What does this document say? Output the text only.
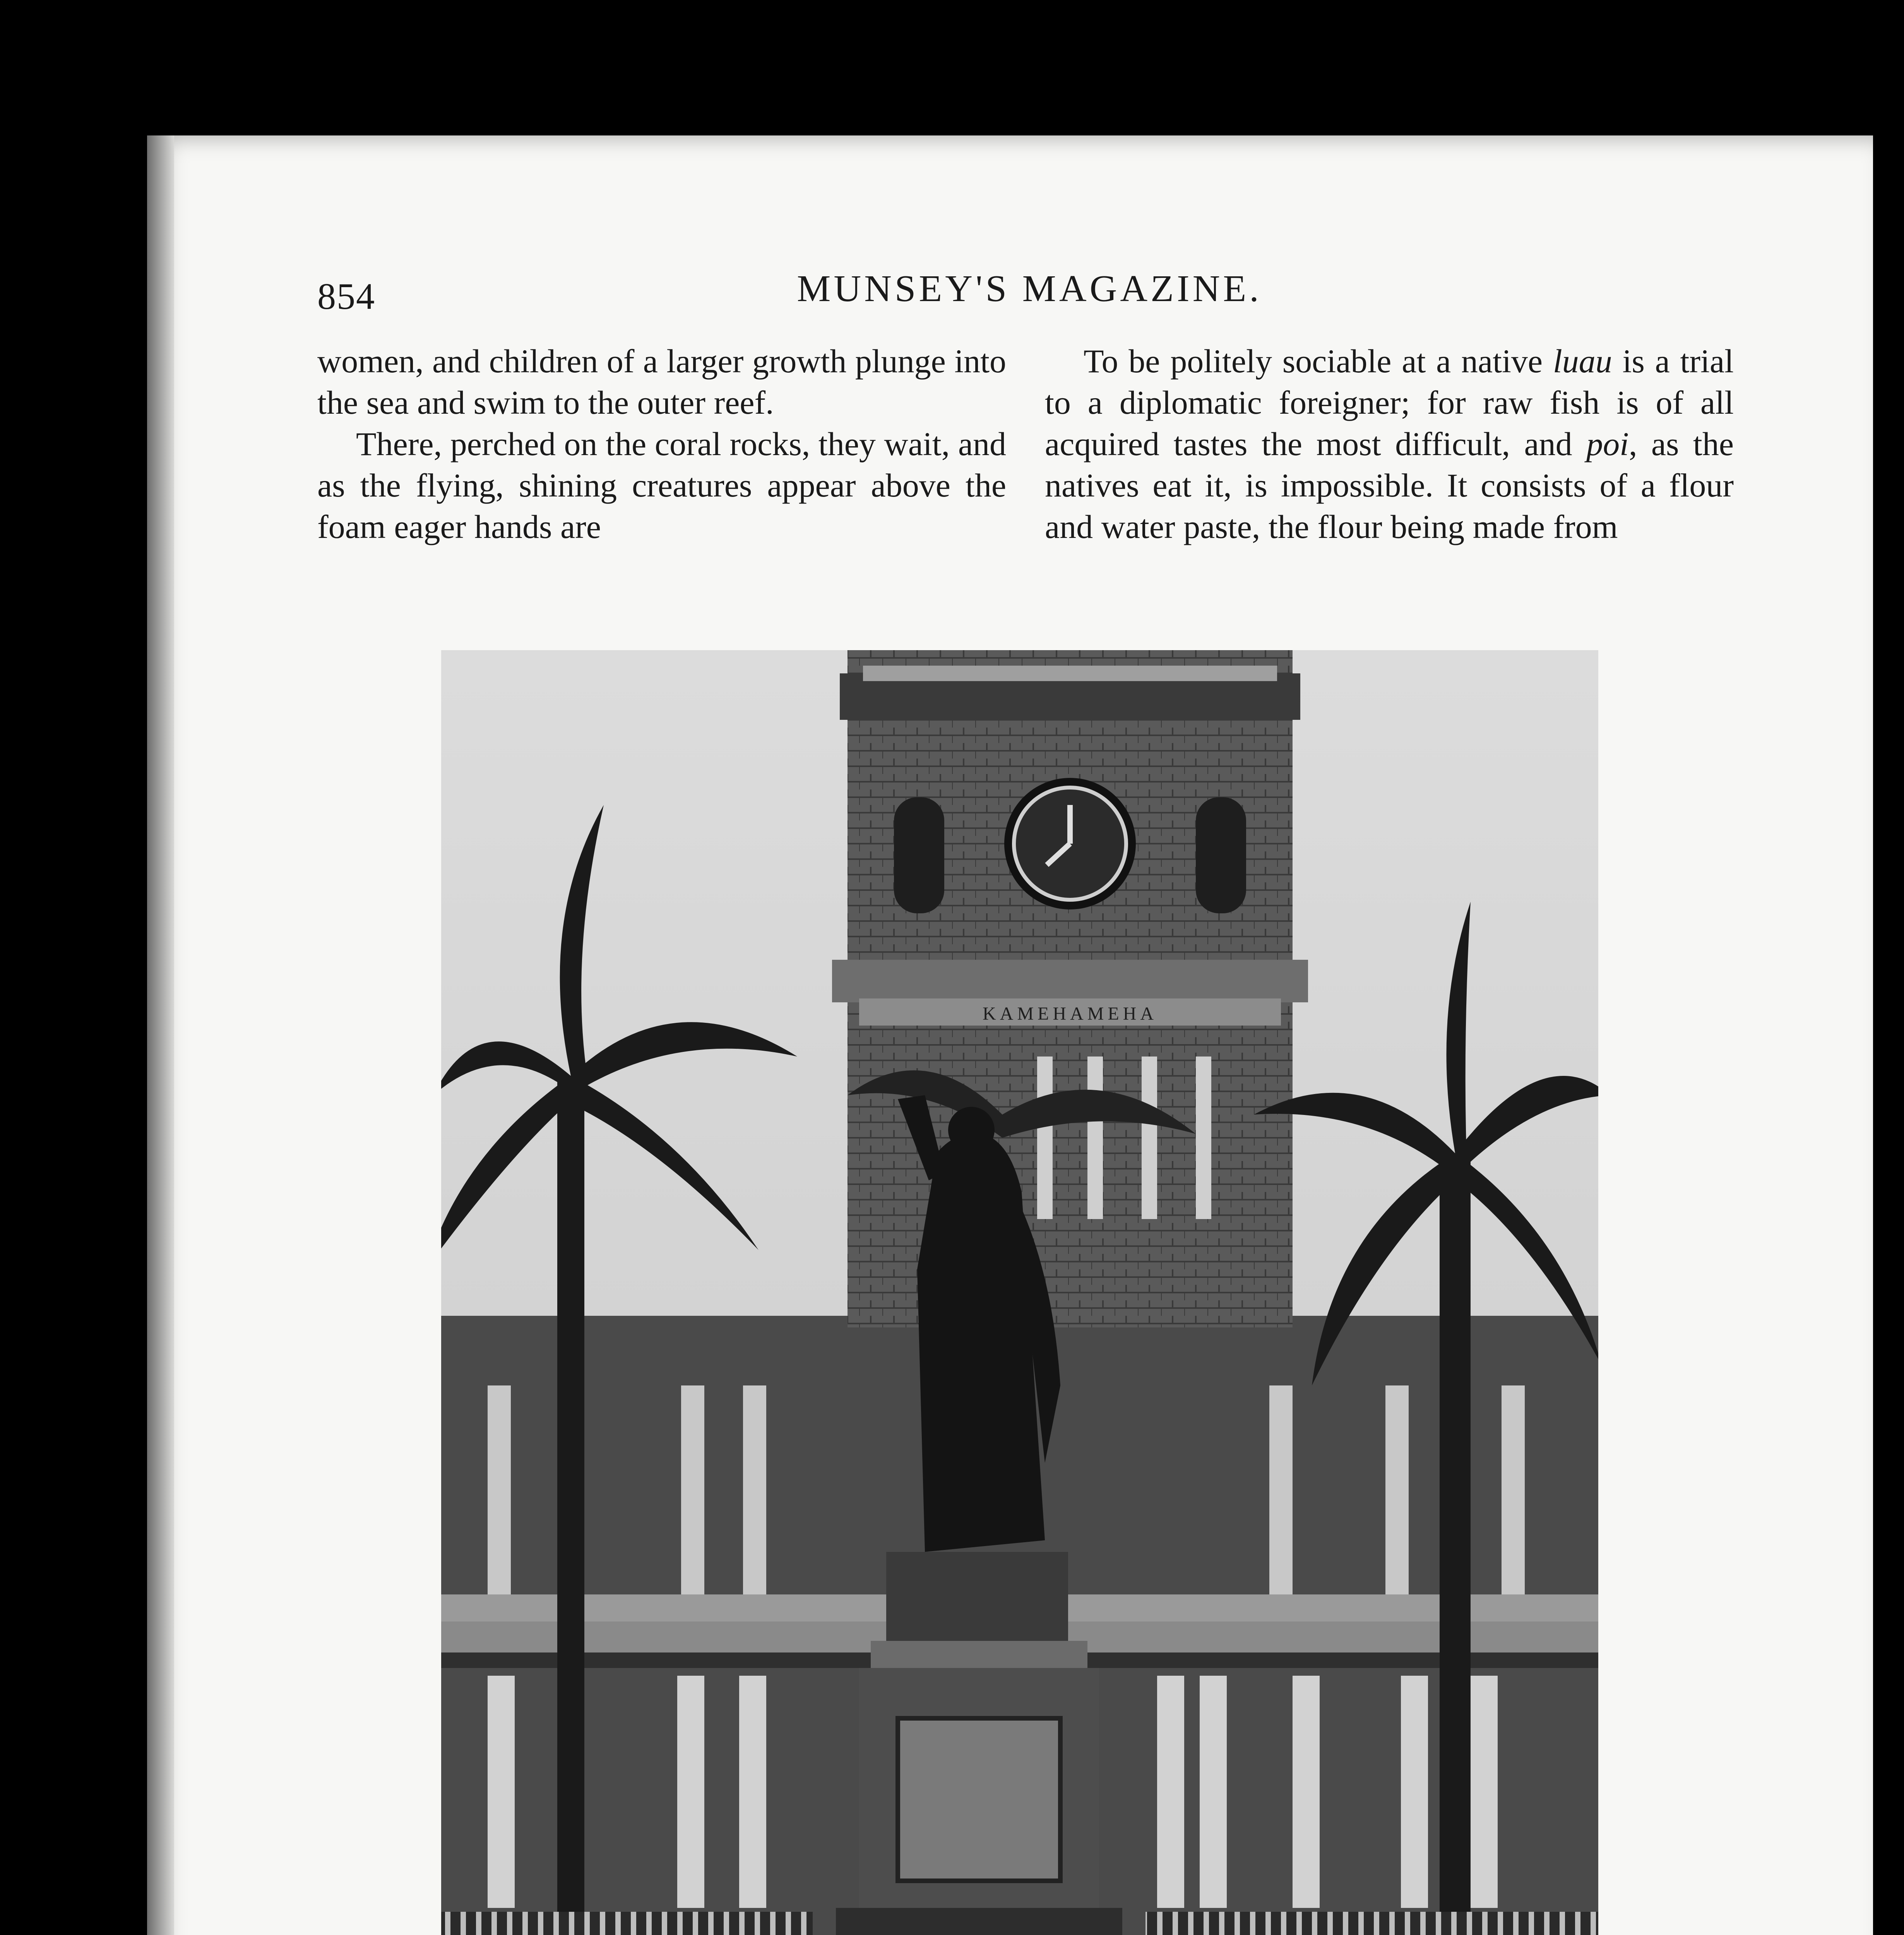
854	MUNSEY'S MAGAZINE.

women, and children of a larger growth plunge into the sea and swim to the outer reef.

There, perched on the coral rocks, they wait, and as the flying, shining creatures appear above the foam eager hands are

To be politely sociable at a native luau is a trial to a diplomatic foreigner; for raw fish is of all acquired tastes the most difficult, and poi, as the natives eat it, is impossible. It consists of a flour and water paste, the flour being made from

KAMEHAMEHA
